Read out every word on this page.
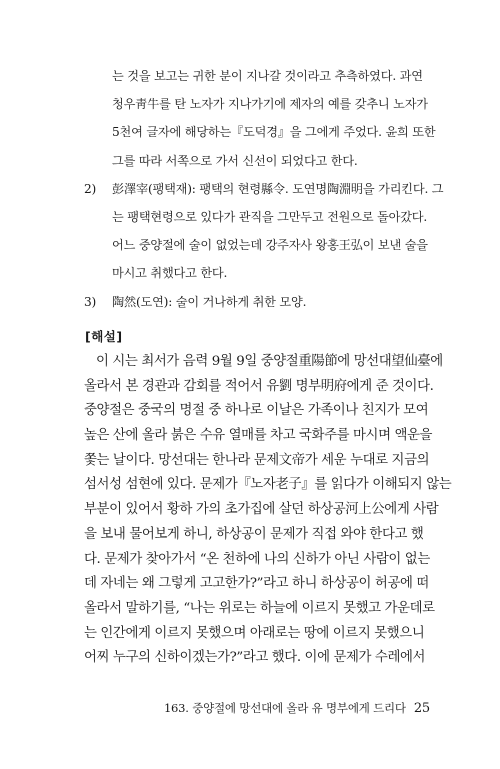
는 것을 보고는 귀한 분이 지나갈 것이라고 추측하였다. 과연
청우靑牛를 탄 노자가 지나가기에 제자의 예를 갖추니 노자가
5천여 글자에 해당하는『도덕경』을 그에게 주었다. 윤희 또한
그를 따라 서쪽으로 가서 신선이 되었다고 한다.
2) 彭澤宰(팽택재): 팽택의 현령縣令. 도연명陶淵明을 가리킨다. 그
는 팽택현령으로 있다가 관직을 그만두고 전원으로 돌아갔다.
어느 중양절에 술이 없었는데 강주자사 왕홍王弘이 보낸 술을
마시고 취했다고 한다.
3) 陶然(도연): 술이 거나하게 취한 모양.
[해설]
이 시는 최서가 음력 9월 9일 중양절重陽節에 망선대望仙臺에
올라서 본 경관과 감회를 적어서 유劉 명부明府에게 준 것이다.
중양절은 중국의 명절 중 하나로 이날은 가족이나 친지가 모여
높은 산에 올라 붉은 수유 열매를 차고 국화주를 마시며 액운을
쫓는 날이다. 망선대는 한나라 문제文帝가 세운 누대로 지금의
섬서성 섬현에 있다. 문제가『노자老子』를 읽다가 이해되지 않는
부분이 있어서 황하 가의 초가집에 살던 하상공河上公에게 사람
을 보내 물어보게 하니, 하상공이 문제가 직접 와야 한다고 했
다. 문제가 찾아가서 “온 천하에 나의 신하가 아닌 사람이 없는
데 자네는 왜 그렇게 고고한가?”라고 하니 하상공이 허공에 떠
올라서 말하기를, “나는 위로는 하늘에 이르지 못했고 가운데로
는 인간에게 이르지 못했으며 아래로는 땅에 이르지 못했으니
어찌 누구의 신하이겠는가?”라고 했다. 이에 문제가 수레에서
163. 중양절에 망선대에 올라 유 명부에게 드리다 25
